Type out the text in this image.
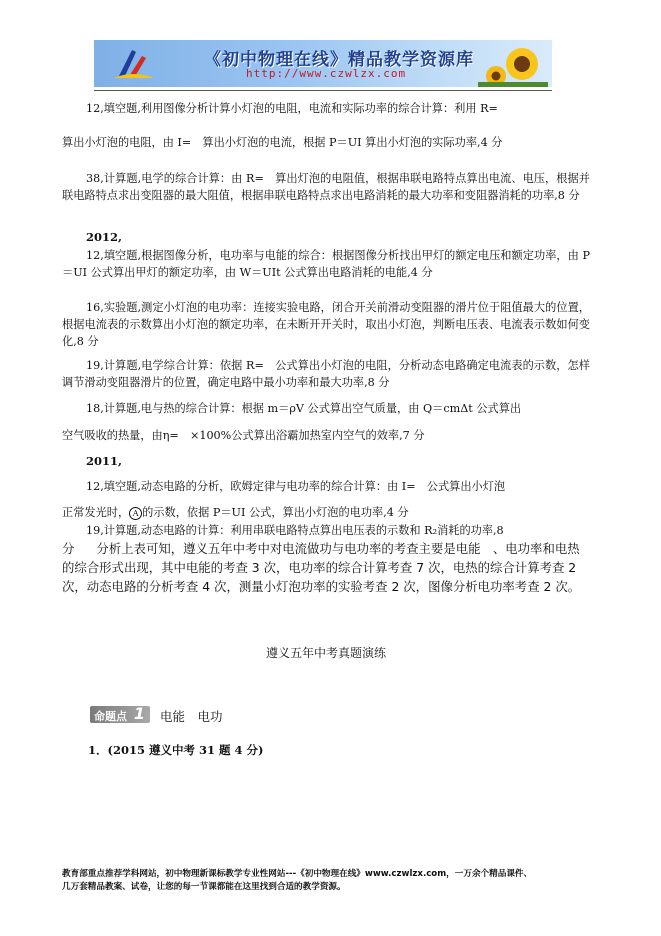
《初中物理在线》精品教学资源库
http://www.czwlzx.com
12,填空题,利用图像分析计算小灯泡的电阻，电流和实际功率的综合计算：利用 R=
算出小灯泡的电阻，由 I=　算出小灯泡的电流，根据 P＝UI 算出小灯泡的实际功率,4 分
38,计算题,电学的综合计算：由 R=　算出灯泡的电阻值，根据串联电路特点算出电流、电压，根据并联电路特点求出变阻器的最大阻值，根据串联电路特点求出电路消耗的最大功率和变阻器消耗的功率,8 分
2012,
12,填空题,根据图像分析，电功率与电能的综合：根据图像分析找出甲灯的额定电压和额定功率，由 P＝UI 公式算出甲灯的额定功率，由 W＝UIt 公式算出电路消耗的电能,4 分
16,实验题,测定小灯泡的电功率：连接实验电路，闭合开关前滑动变阻器的滑片位于阻值最大的位置，根据电流表的示数算出小灯泡的额定功率，在未断开开关时，取出小灯泡，判断电压表、电流表示数如何变化,8 分
19,计算题,电学综合计算：依据 R=　公式算出小灯泡的电阻，分析动态电路确定电流表的示数，怎样调节滑动变阻器滑片的位置，确定电路中最小功率和最大功率,8 分
18,计算题,电与热的综合计算：根据 m＝ρV 公式算出空气质量，由 Q＝cmΔt 公式算出
空气吸收的热量，由η=　×100%公式算出浴霸加热室内空气的效率,7 分
2011,
12,填空题,动态电路的分析，欧姆定律与电功率的综合计算：由 I=　公式算出小灯泡
正常发光时， A 的示数，依据 P＝UI 公式，算出小灯泡的电功率,4 分
19,计算题,动态电路的计算：利用串联电路特点算出电压表的示数和 R₂消耗的功率,8
分 分析上表可知，遵义五年中考中对电流做功与电功率的考查主要是电能　、电功率和电热的综合形式出现，其中电能的考查 3 次，电功率的综合计算考查 7 次，电热的综合计算考查 2 次，动态电路的分析考查 4 次，测量小灯泡功率的实验考查 2 次，图像分析电功率考查 2 次。
遵义五年中考真题演练
命题点 1 电能　电功
1．(2015 遵义中考 31 题 4 分)
教育部重点推荐学科网站，初中物理新课标教学专业性网站---《初中物理在线》www.czwlzx.com，一万余个精品课件、
几万套精品教案、试卷，让您的每一节课都能在这里找到合适的教学资源。
